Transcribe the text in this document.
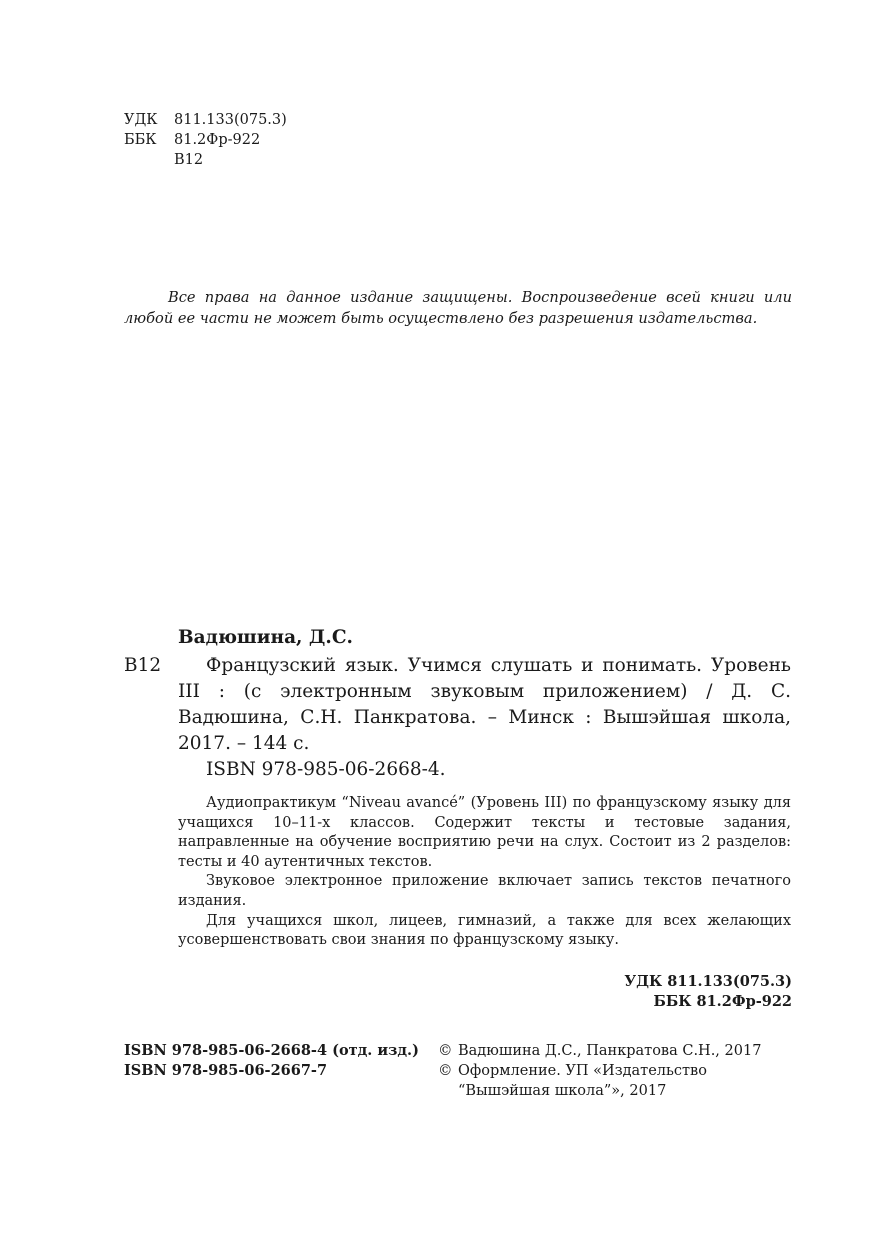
УДК	811.133(075.3)
ББК	81.2Фр-922
В12
Все права на данное издание защищены. Воспроизведение всей книги или любой ее части не может быть осуществлено без разрешения издательства.
Вадюшина, Д.С.
В12	Французский язык. Учимся слушать и понимать. Уровень III : (с электронным звуковым приложением) / Д. С. Вадюшина, С.Н. Панкратова. – Минск : Вышэйшая школа, 2017. – 144 с.
ISBN 978-985-06-2668-4.

Аудиопрактикум “Niveau avancé” (Уровень III) по французскому языку для учащихся 10–11-х классов. Содержит тексты и тестовые задания, направленные на обучение восприятию речи на слух. Состоит из 2 разделов: тесты и 40 аутентичных текстов.

Звуковое электронное приложение включает запись текстов печатного издания.

Для учащихся школ, лицеев, гимназий, а также для всех желающих усовершенствовать свои знания по французскому языку.

УДК 811.133(075.3)
ББК 81.2Фр-922
ISBN 978-985-06-2668-4 (отд. изд.)
ISBN 978-985-06-2667-7
© Вадюшина Д.С., Панкратова С.Н., 2017
© Оформление. УП «Издательство
“Вышэйшая школа”», 2017
